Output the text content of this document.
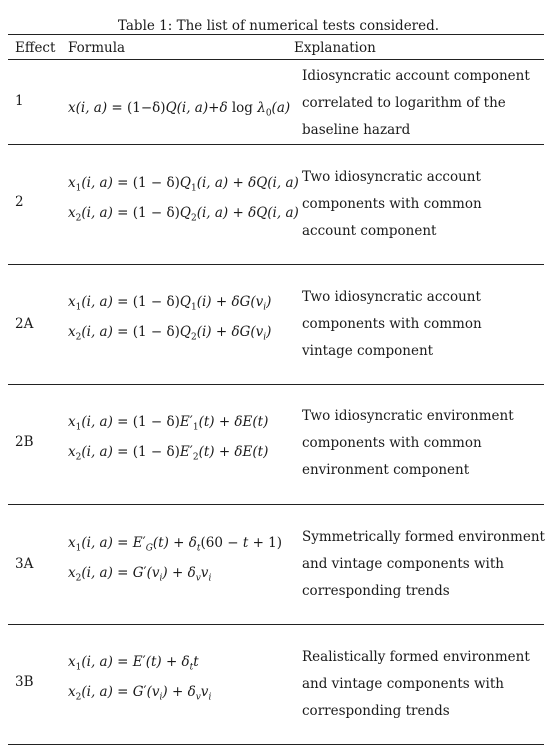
Table 1: The list of numerical tests considered.
Effect Formula	Explanation
1	x(i, a) = (1−δ)Q(i, a)+δ $\log \lambda_0(a)$
Idiosyncratic account component
correlated to logarithm of the
baseline hazard
2
$x_1(i$, $a) = (1 - \delta)Q_1(i$, a) + δQ(i, a)
$x_2(i$, $a) = (1 - \delta)Q_2(i$, a) + δQ(i, a)
Two idiosyncratic account
components with common
account component
2A
$x_1(i$, $a) = (1 - \delta)Q_1(i) + \delta G(v_i)$
$x_2(i$, $a) = (1 - \delta)Q_2(i) + \delta G(v_i)$
Two idiosyncratic account
components with common
vintage component
2B
$x_1(i$, $a) = (1 - \delta)E'_1(t) + \delta E(t)$
$x_2(i$, $a) = (1 - \delta)E'_2(t) + \delta E(t)$
Two idiosyncratic environment
components with common
environment component
3A
$x_1(i$, $a) = E'_G(t) + \delta_t(60 - t + 1)$
$x_2(i$, $a) = G'(v_i) + \delta_vv_i$
Symmetrically formed environment
and vintage components with
corresponding trends
3B
$x_1(i$, $a) = E'(t) + \delta_tt$
$x_2(i$, $a) = G'(v_i) + \delta_vv_i$
Realistically formed environment
and vintage components with
corresponding trends
